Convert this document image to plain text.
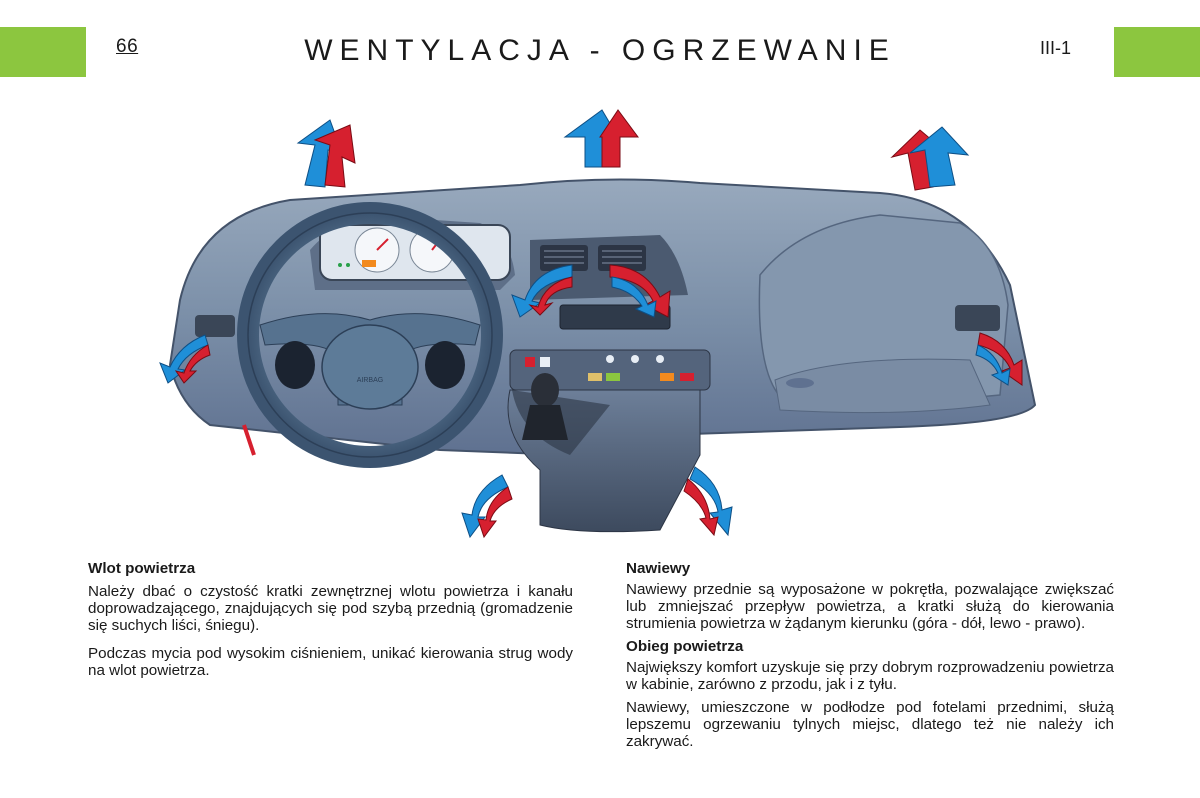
66	WENTYLACJA - OGRZEWANIE	III-1
AIRBAG
Wlot powietrza

Należy dbać o czystość kratki zewnętrznej wlotu powietrza i kanału doprowadzającego, znajdujących się pod szybą przednią (gromadzenie się suchych liści, śniegu).

Podczas mycia pod wysokim ciśnieniem, unikać kierowania strug wody na wlot powietrza.

Nawiewy

Nawiewy przednie są wyposażone w pokrętła, pozwalające zwiększać lub zmniejszać przepływ powietrza, a kratki służą do kierowania strumienia powietrza w żądanym kierunku (góra - dół, lewo - prawo).

Obieg powietrza

Największy komfort uzyskuje się przy dobrym rozprowadzeniu powietrza w kabinie, zarówno z przodu, jak i z tyłu.

Nawiewy, umieszczone w podłodze pod fotelami przednimi, służą lepszemu ogrzewaniu tylnych miejsc, dlatego też nie należy ich zakrywać.
